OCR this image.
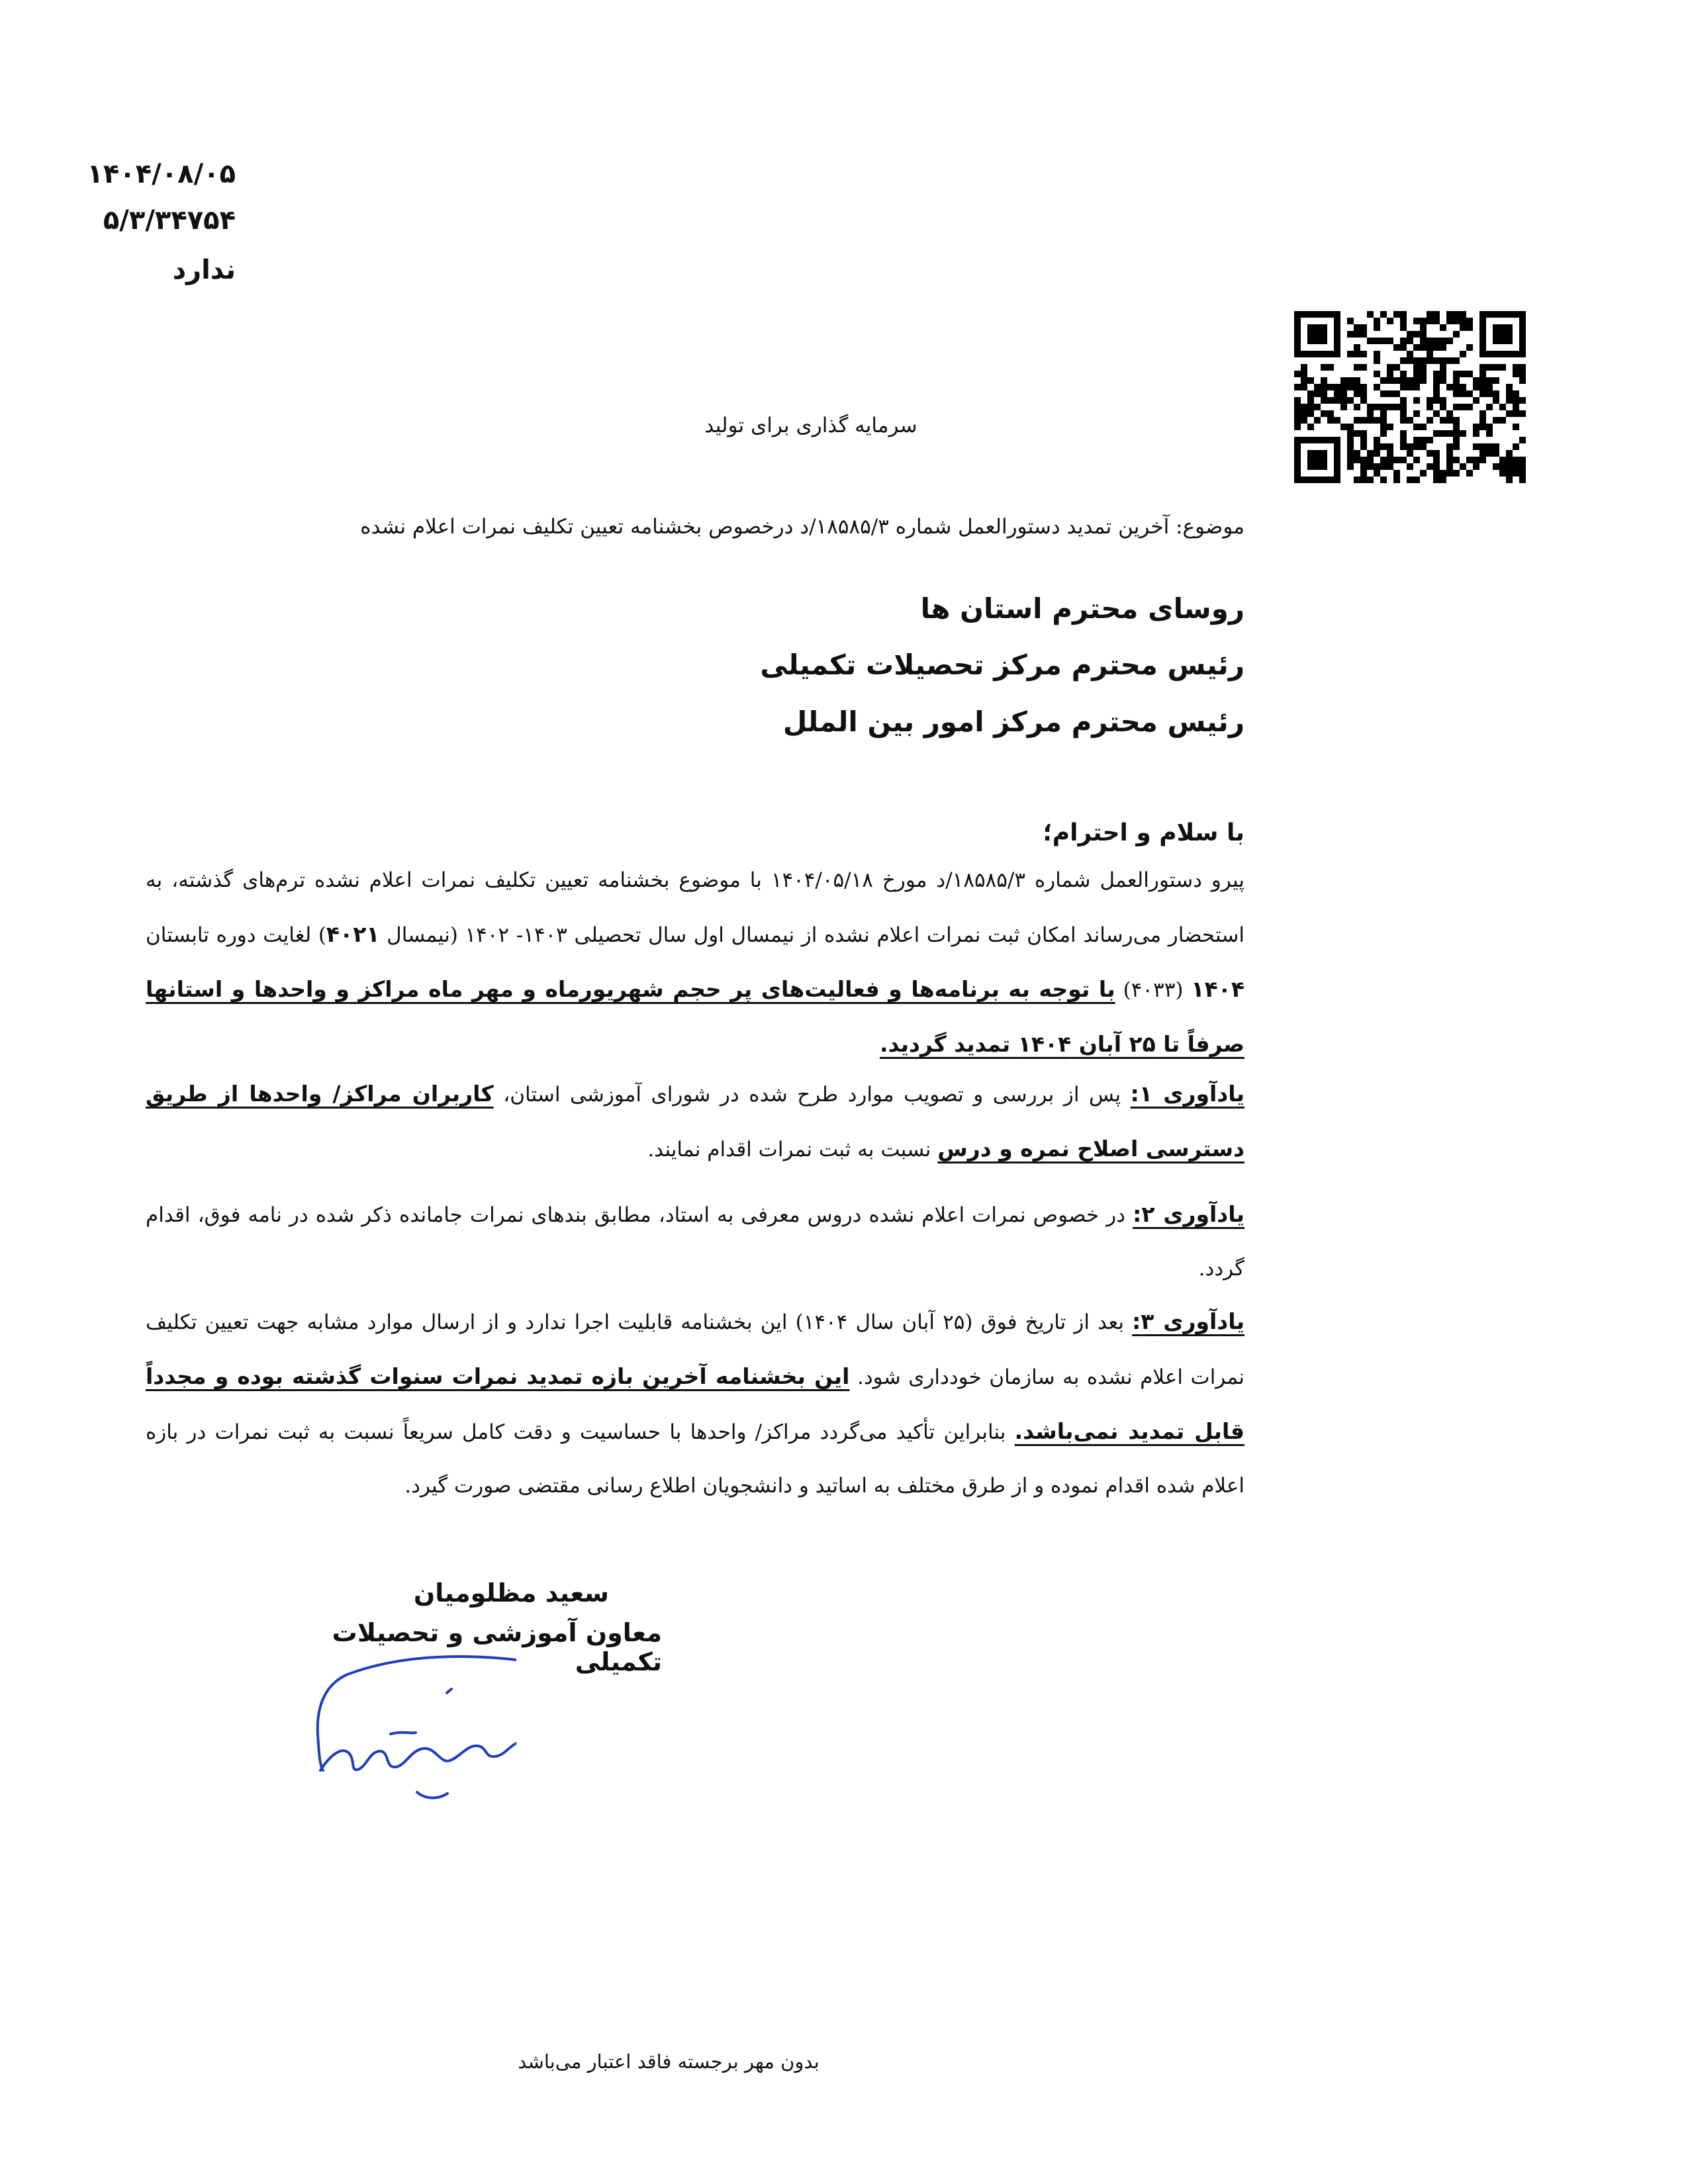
۱۴۰۴/۰۸/۰۵
۵/۳/۳۴۷۵۴
ندارد
سرمایه گذاری برای تولید
موضوع: آخرین تمدید دستورالعمل شماره ۱۸۵۸۵/۳/د درخصوص بخشنامه تعیین تکلیف نمرات اعلام نشده
روسای محترم استان ها
رئیس محترم مرکز تحصیلات تکمیلی
رئیس محترم مرکز امور بین الملل
با سلام و احترام؛
پیرو دستورالعمل شماره ۱۸۵۸۵/۳/د مورخ ۱۴۰۴/۰۵/۱۸ با موضوع بخشنامه تعیین تکلیف نمرات اعلام نشده ترم‌های گذشته، به استحضار می‌رساند امکان ثبت نمرات اعلام نشده از نیمسال اول سال تحصیلی ۱۴۰۳- ۱۴۰۲ (نیمسال ۴۰۲۱) لغایت دوره تابستان ۱۴۰۴ (۴۰۳۳) با توجه به برنامه‌ها و فعالیت‌های پر حجم شهریورماه و مهر ماه مراکز و واحدها و استانها صرفاً تا ۲۵ آبان ۱۴۰۴ تمدید گردید.
یادآوری ۱: پس از بررسی و تصویب موارد طرح شده در شورای آموزشی استان، کاربران مراکز/ واحدها از طریق دسترسی اصلاح نمره و درس نسبت به ثبت نمرات اقدام نمایند.
یادآوری ۲: در خصوص نمرات اعلام نشده دروس معرفی به استاد، مطابق بندهای نمرات جامانده ذکر شده در نامه فوق، اقدام گردد.
یادآوری ۳: بعد از تاریخ فوق (۲۵ آبان سال ۱۴۰۴) این بخشنامه قابلیت اجرا ندارد و از ارسال موارد مشابه جهت تعیین تکلیف نمرات اعلام نشده به سازمان خودداری شود. این بخشنامه آخرین بازه تمدید نمرات سنوات گذشته بوده و مجدداً قابل تمدید نمی‌باشد. بنابراین تأکید می‌گردد مراکز/ واحدها با حساسیت و دقت کامل سریعاً نسبت به ثبت نمرات در بازه اعلام شده اقدام نموده و از طرق مختلف به اساتید و دانشجویان اطلاع رسانی مقتضی صورت گیرد.
سعید مظلومیان
معاون آموزشی و تحصیلات تکمیلی
بدون مهر برجسته فاقد اعتبار می‌باشد
